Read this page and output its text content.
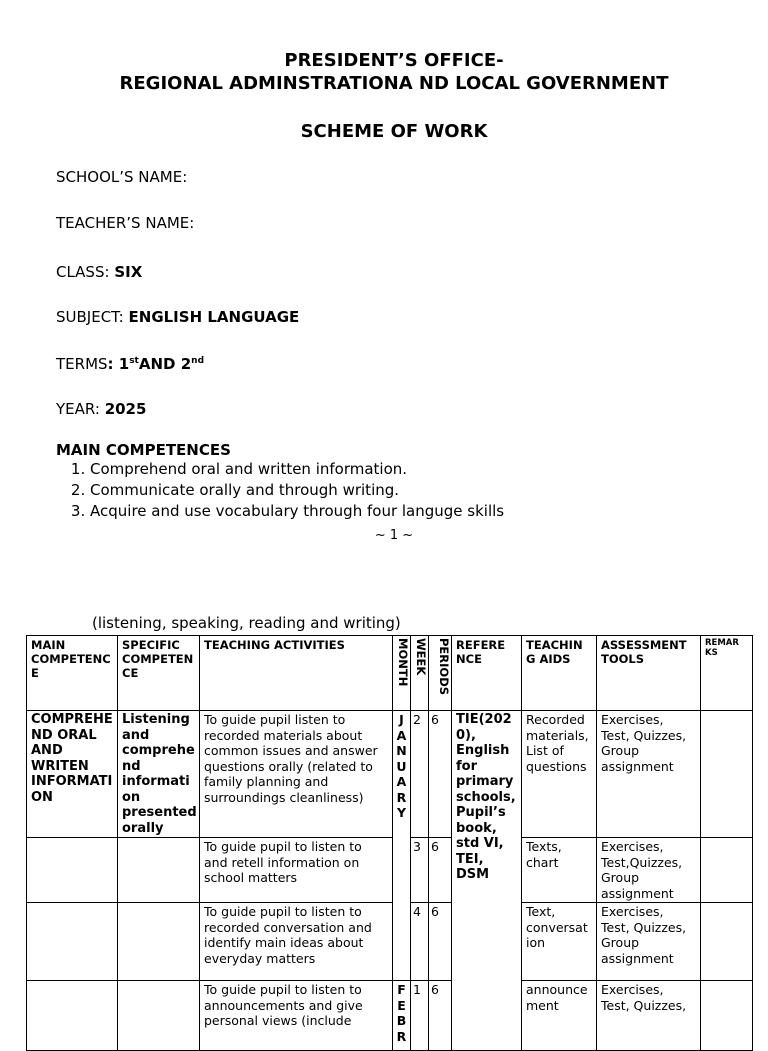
PRESIDENT’S OFFICE-
REGIONAL ADMINSTRATIONA ND LOCAL GOVERNMENT
SCHEME OF WORK
SCHOOL’S NAME:
TEACHER’S NAME:
CLASS: SIX
SUBJECT: ENGLISH LANGUAGE
TERMS: 1stAND 2nd
YEAR: 2025
MAIN COMPETENCES
1. Comprehend oral and written information.
2. Communicate orally and through writing.
3. Acquire and use vocabulary through four languge skills
~ 1 ~
(listening, speaking, reading and writing)
MAIN COMPETENC E	SPECIFIC COMPETEN CE	TEACHING ACTIVITIES	MONTH	WEEK	PERIODS	REFERE NCE	TEACHIN G AIDS	ASSESSMENT TOOLS	REMAR KS
COMPREHE ND ORAL AND WRITEN INFORMATI ON	Listening and comprehe nd informati on presented orally	To guide pupil listen to recorded materials about common issues and answer questions orally (related to family planning and surroundings cleanliness)	J A N U A R Y	2	6	TIE(202 0), English for primary schools, Pupil’s book, std VI, TEI, DSM	Recorded materials, List of questions	Exercises, Test, Quizzes, Group assignment	
		To guide pupil to listen to and retell information on school matters		3	6		Texts, chart	Exercises, Test,Quizzes, Group assignment	
		To guide pupil to listen to recorded conversation and identify main ideas about everyday matters		4	6		Text, conversat ion	Exercises, Test, Quizzes, Group assignment	
		To guide pupil to listen to announcements and give personal views (include	F E B R	1	6		announce ment	Exercises, Test, Quizzes,	
